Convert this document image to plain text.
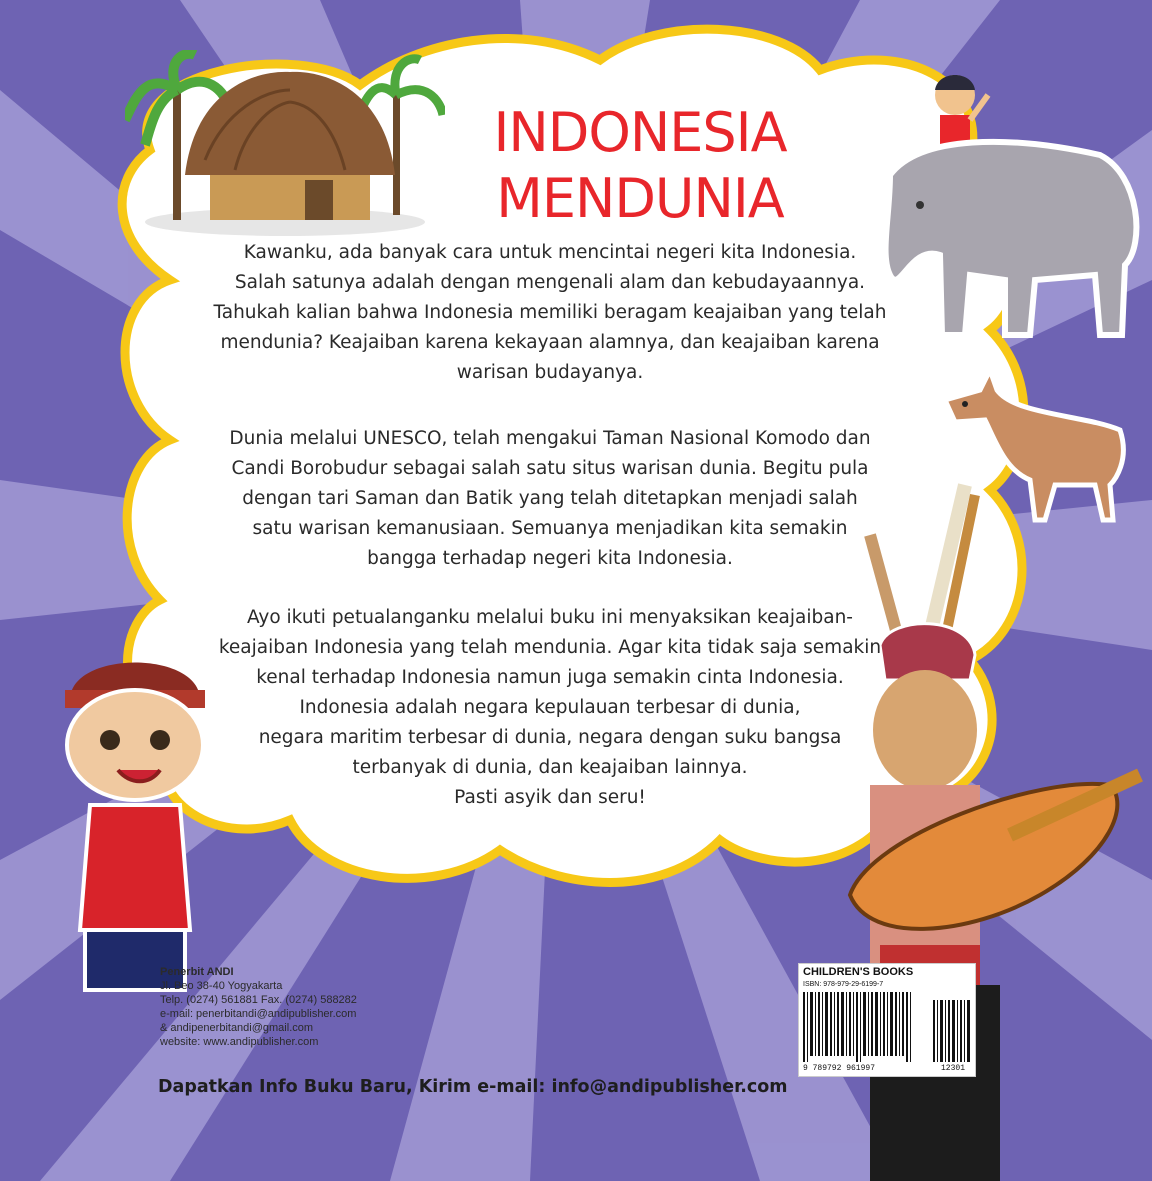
INDONESIA
MENDUNIA
Kawanku, ada banyak cara untuk mencintai negeri kita Indonesia.
Salah satunya adalah dengan mengenali alam dan kebudayaannya.
Tahukah kalian bahwa Indonesia memiliki beragam keajaiban yang telah
mendunia? Keajaiban karena kekayaan alamnya, dan keajaiban karena
warisan budayanya.
Dunia melalui UNESCO, telah mengakui Taman Nasional Komodo dan
Candi Borobudur sebagai salah satu situs warisan dunia. Begitu pula
dengan tari Saman dan Batik yang telah ditetapkan menjadi salah
satu warisan kemanusiaan. Semuanya menjadikan kita semakin
bangga terhadap negeri kita Indonesia.
Ayo ikuti petualanganku melalui buku ini menyaksikan keajaiban-
keajaiban Indonesia yang telah mendunia. Agar kita tidak saja semakin
kenal terhadap Indonesia namun juga semakin cinta Indonesia.
Indonesia adalah negara kepulauan terbesar di dunia,
negara maritim terbesar di dunia, negara dengan suku bangsa
terbanyak di dunia, dan keajaiban lainnya.
Pasti asyik dan seru!
Penerbit ANDI
Jl. Beo 38-40 Yogyakarta
Telp. (0274) 561881 Fax. (0274) 588282
e-mail: penerbitandi@andipublisher.com
& andipenerbitandi@gmail.com
website: www.andipublisher.com
CHILDREN'S BOOKS
ISBN: 978-979-29-6199-7
9 789792 961997	12301
Dapatkan Info Buku Baru, Kirim e-mail: info@andipublisher.com
